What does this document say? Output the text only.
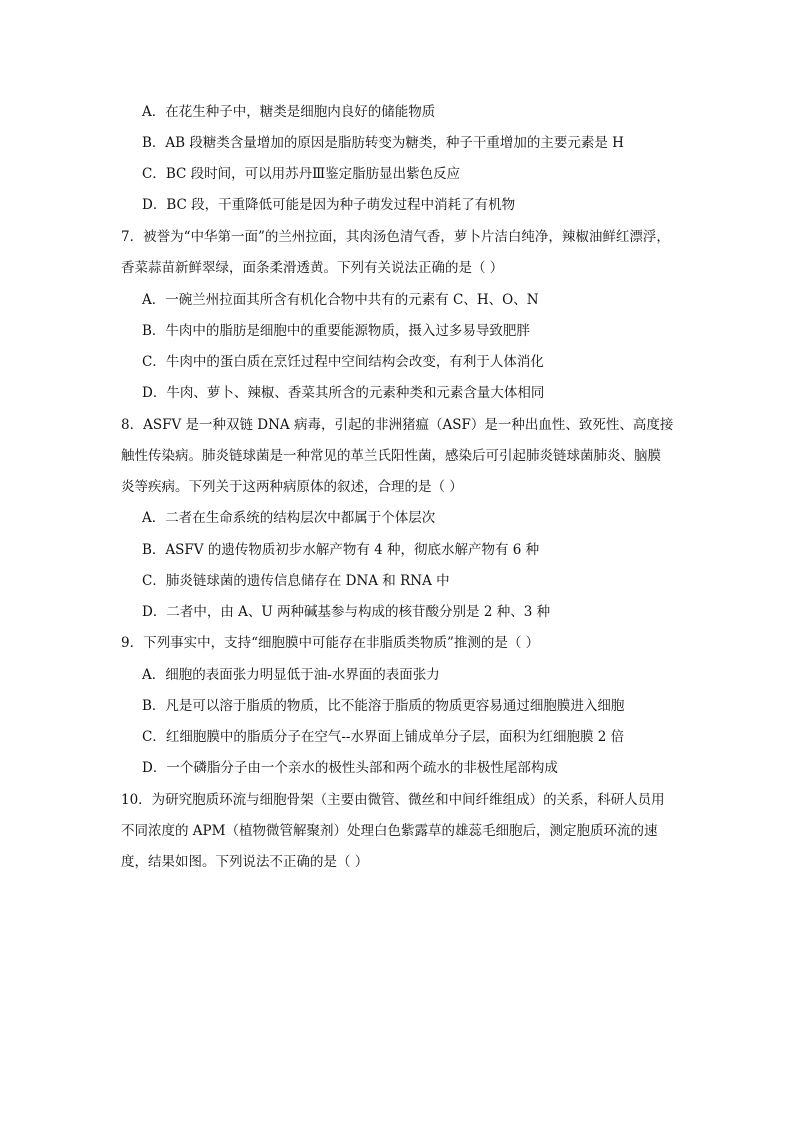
A．在花生种子中，糖类是细胞内良好的储能物质
B．AB 段糖类含量增加的原因是脂肪转变为糖类，种子干重增加的主要元素是 H
C．BC 段时间，可以用苏丹Ⅲ鉴定脂肪显出紫色反应
D．BC 段，干重降低可能是因为种子萌发过程中消耗了有机物
7．被誉为“中华第一面”的兰州拉面，其肉汤色清气香，萝卜片洁白纯净，辣椒油鲜红漂浮，
香菜蒜苗新鲜翠绿，面条柔滑透黄。下列有关说法正确的是（ ）
A．一碗兰州拉面其所含有机化合物中共有的元素有 C、H、O、N
B．牛肉中的脂肪是细胞中的重要能源物质，摄入过多易导致肥胖
C．牛肉中的蛋白质在烹饪过程中空间结构会改变，有利于人体消化
D．牛肉、萝卜、辣椒、香菜其所含的元素种类和元素含量大体相同
8．ASFV 是一种双链 DNA 病毒，引起的非洲猪瘟（ASF）是一种出血性、致死性、高度接
触性传染病。肺炎链球菌是一种常见的革兰氏阳性菌，感染后可引起肺炎链球菌肺炎、脑膜
炎等疾病。下列关于这两种病原体的叙述，合理的是（ ）
A．二者在生命系统的结构层次中都属于个体层次
B．ASFV 的遗传物质初步水解产物有 4 种，彻底水解产物有 6 种
C．肺炎链球菌的遗传信息储存在 DNA 和 RNA 中
D．二者中，由 A、U 两种碱基参与构成的核苷酸分别是 2 种、3 种
9．下列事实中，支持“细胞膜中可能存在非脂质类物质”推测的是（ ）
A．细胞的表面张力明显低于油-水界面的表面张力
B．凡是可以溶于脂质的物质，比不能溶于脂质的物质更容易通过细胞膜进入细胞
C．红细胞膜中的脂质分子在空气--水界面上铺成单分子层，面积为红细胞膜 2 倍
D．一个磷脂分子由一个亲水的极性头部和两个疏水的非极性尾部构成
10．为研究胞质环流与细胞骨架（主要由微管、微丝和中间纤维组成）的关系，科研人员用
不同浓度的 APM（植物微管解聚剂）处理白色紫露草的雄蕊毛细胞后，测定胞质环流的速
度，结果如图。下列说法不正确的是（ ）
